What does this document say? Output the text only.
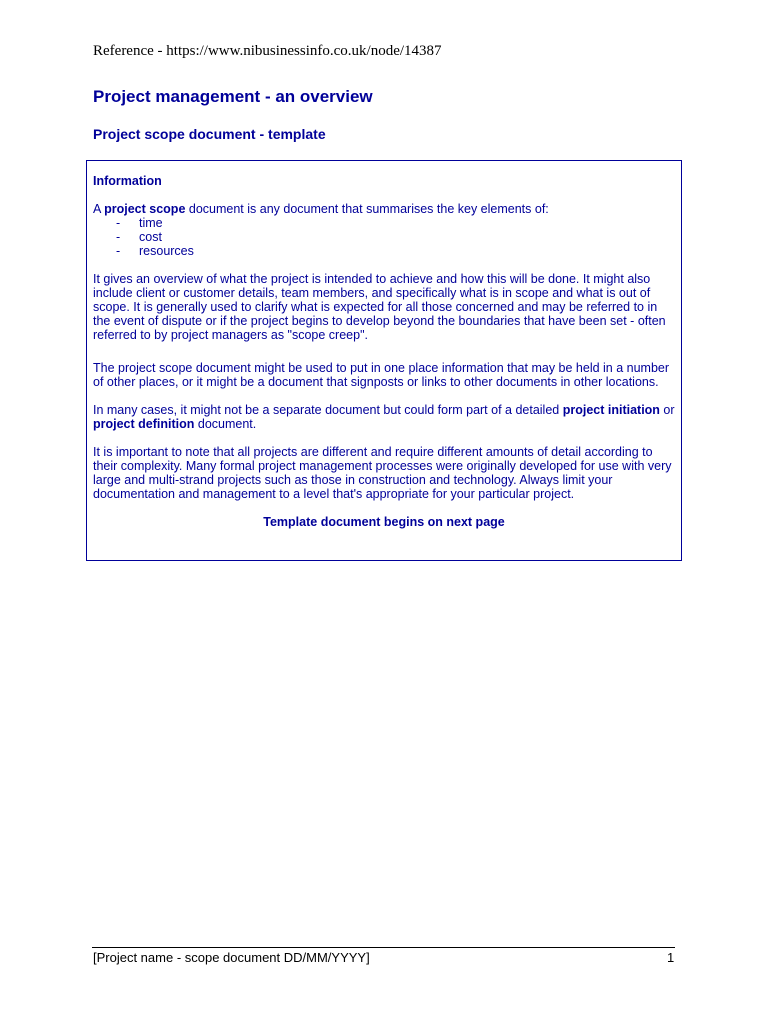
Reference - https://www.nibusinessinfo.co.uk/node/14387
Project management - an overview
Project scope document - template

Information

A project scope document is any document that summarises the key elements of:

-	time
-	cost
-	resources

It gives an overview of what the project is intended to achieve and how this will be done. It might also include client or customer details, team members, and specifically what is in scope and what is out of scope. It is generally used to clarify what is expected for all those concerned and may be referred to in the event of dispute or if the project begins to develop beyond the boundaries that have been set - often referred to by project managers as "scope creep".

The project scope document might be used to put in one place information that may be held in a number of other places, or it might be a document that signposts or links to other documents in other locations.

In many cases, it might not be a separate document but could form part of a detailed project initiation or project definition document.

It is important to note that all projects are different and require different amounts of detail according to their complexity. Many formal project management processes were originally developed for use with very large and multi-strand projects such as those in construction and technology. Always limit your documentation and management to a level that's appropriate for your particular project.

Template document begins on next page

[Project name - scope document DD/MM/YYYY]	1
